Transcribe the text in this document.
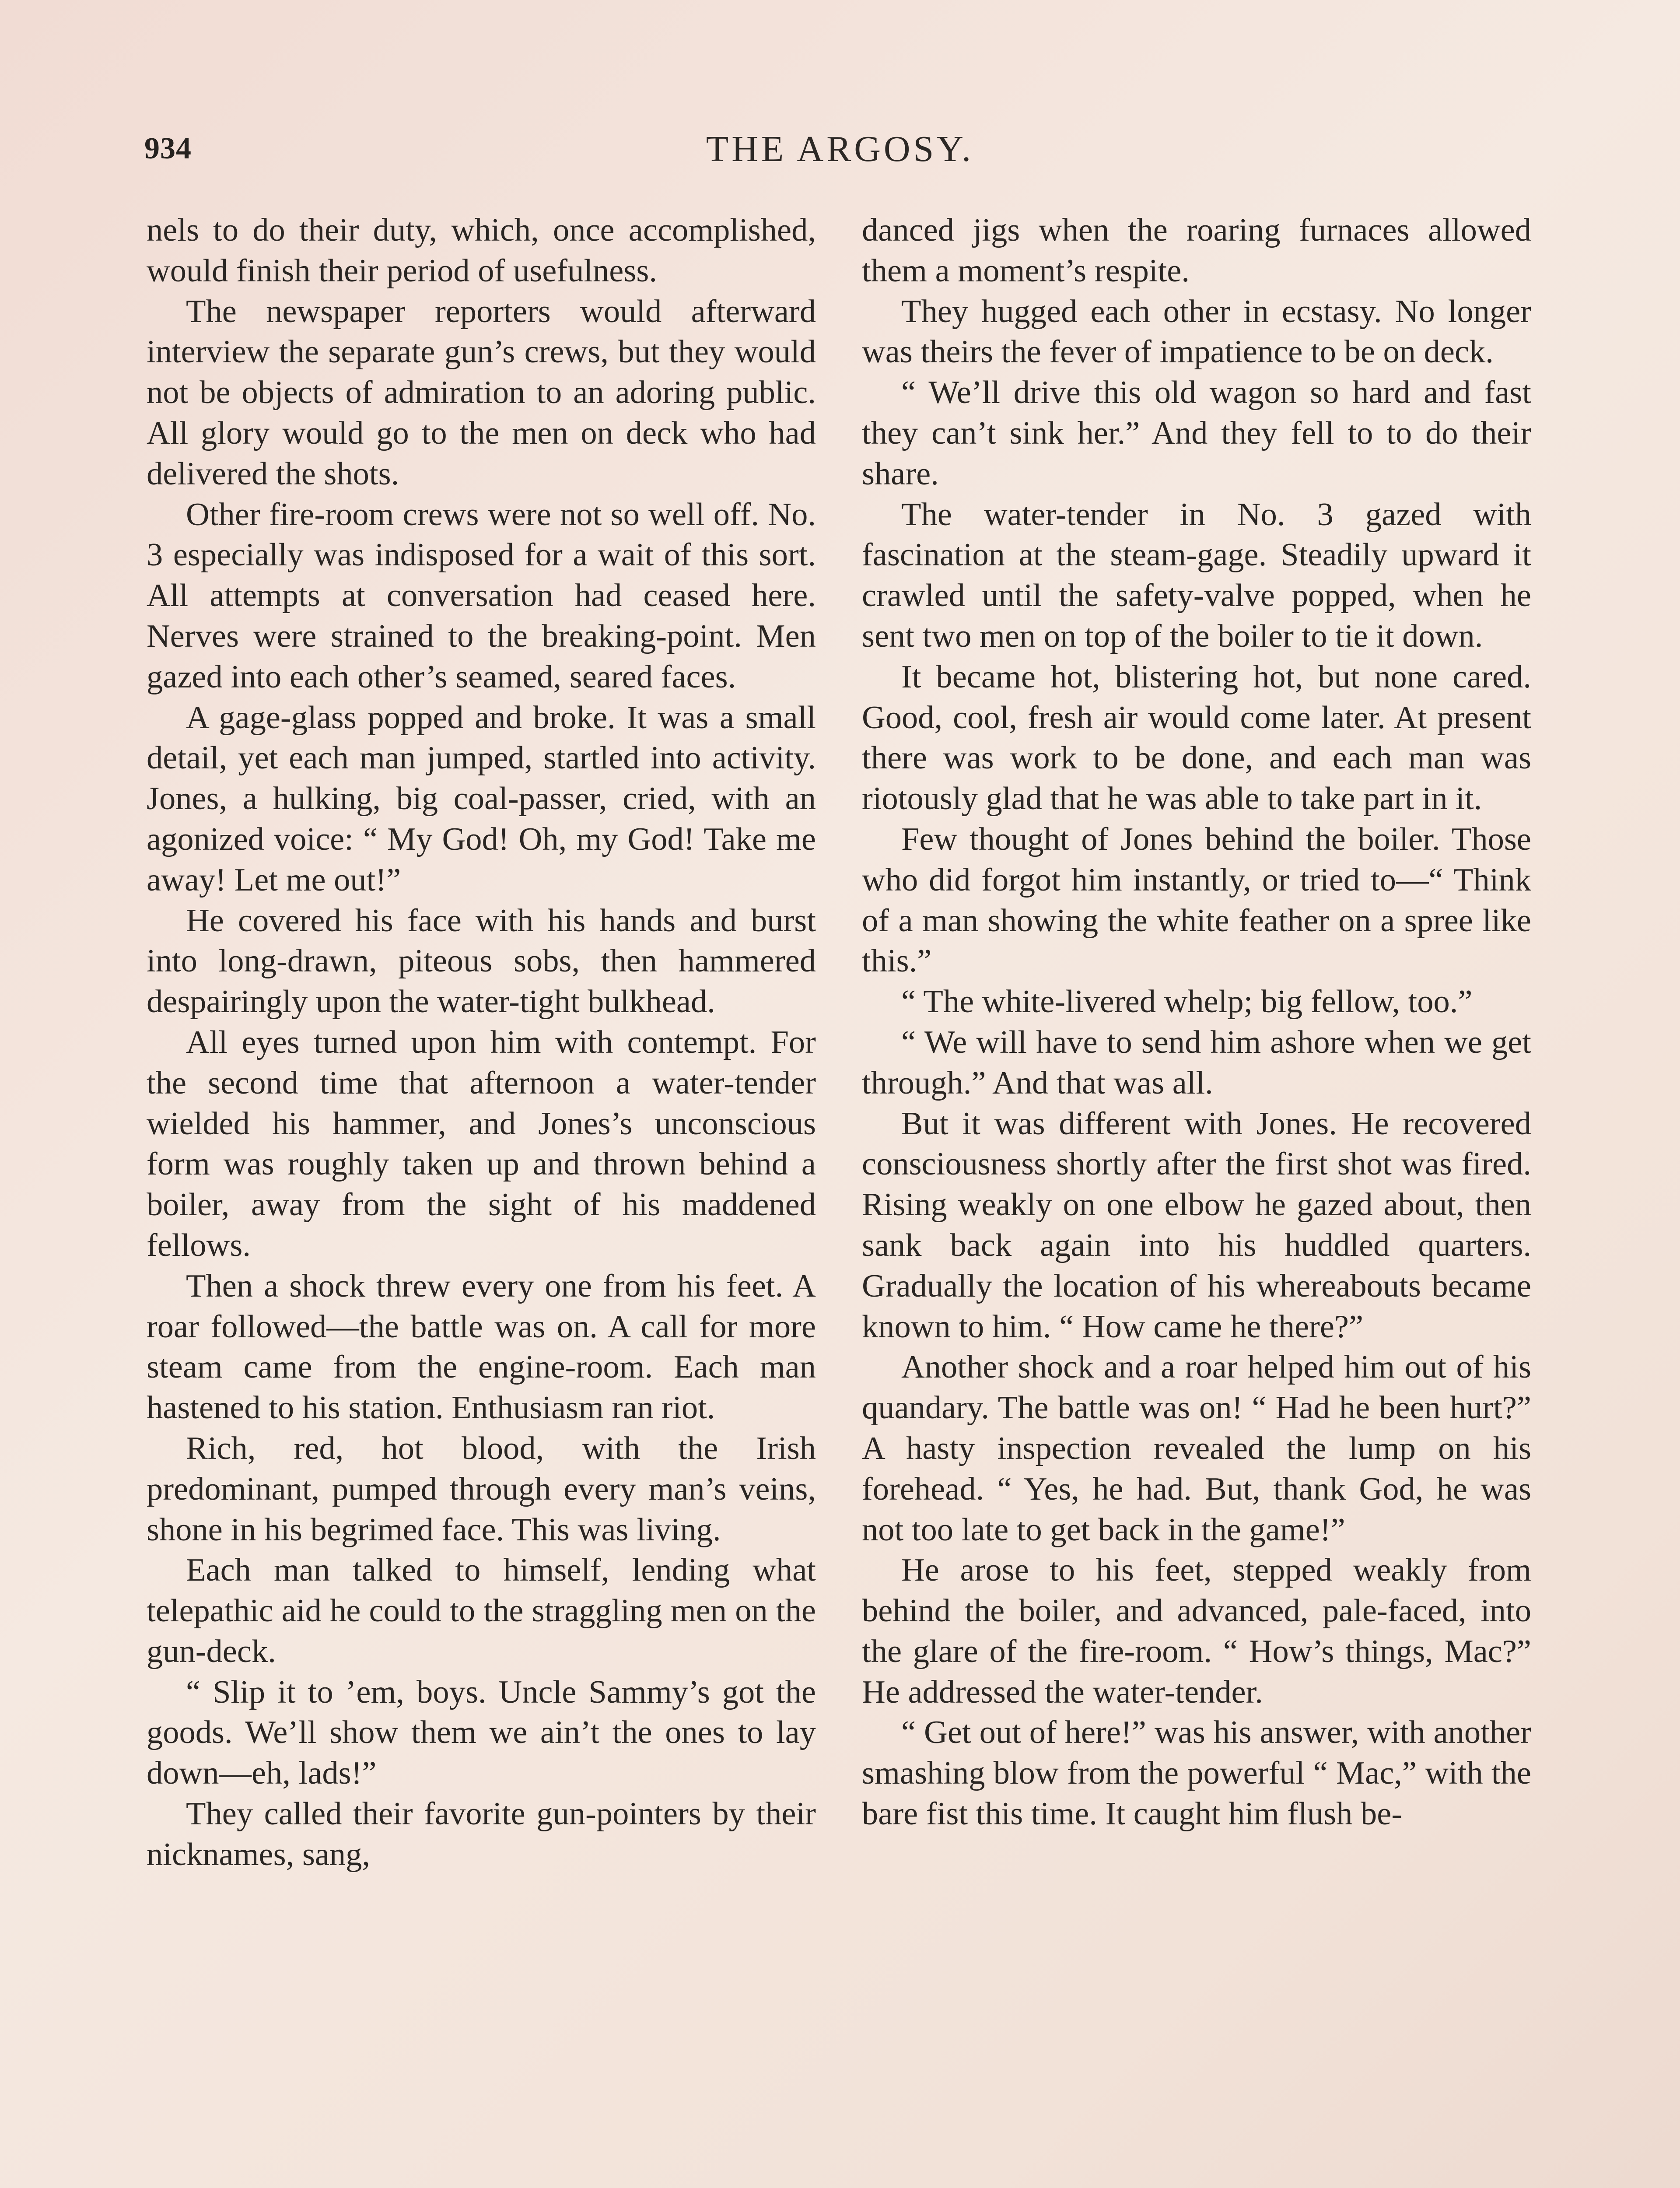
934	THE ARGOSY.

nels to do their duty, which, once accomplished, would finish their period of usefulness.

The newspaper reporters would afterward interview the separate gun’s crews, but they would not be objects of admiration to an adoring public. All glory would go to the men on deck who had delivered the shots.

Other fire-room crews were not so well off. No. 3 especially was indisposed for a wait of this sort. All attempts at conversation had ceased here. Nerves were strained to the breaking-point. Men gazed into each other’s seamed, seared faces.

A gage-glass popped and broke. It was a small detail, yet each man jumped, startled into activity. Jones, a hulking, big coal-passer, cried, with an agonized voice: “ My God! Oh, my God! Take me away! Let me out!”

He covered his face with his hands and burst into long-drawn, piteous sobs, then hammered despairingly upon the water-tight bulkhead.

All eyes turned upon him with contempt. For the second time that afternoon a water-tender wielded his hammer, and Jones’s unconscious form was roughly taken up and thrown behind a boiler, away from the sight of his maddened fellows.

Then a shock threw every one from his feet. A roar followed—the battle was on. A call for more steam came from the engine-room. Each man hastened to his station. Enthusiasm ran riot.

Rich, red, hot blood, with the Irish predominant, pumped through every man’s veins, shone in his begrimed face. This was living.

Each man talked to himself, lending what telepathic aid he could to the straggling men on the gun-deck.

“ Slip it to ’em, boys. Uncle Sammy’s got the goods. We’ll show them we ain’t the ones to lay down—eh, lads!”

They called their favorite gun-pointers by their nicknames, sang,

danced jigs when the roaring furnaces allowed them a moment’s respite.

They hugged each other in ecstasy. No longer was theirs the fever of impatience to be on deck.

“ We’ll drive this old wagon so hard and fast they can’t sink her.” And they fell to to do their share.

The water-tender in No. 3 gazed with fascination at the steam-gage. Steadily upward it crawled until the safety-valve popped, when he sent two men on top of the boiler to tie it down.

It became hot, blistering hot, but none cared. Good, cool, fresh air would come later. At present there was work to be done, and each man was riotously glad that he was able to take part in it.

Few thought of Jones behind the boiler. Those who did forgot him instantly, or tried to—“ Think of a man showing the white feather on a spree like this.”

“ The white-livered whelp; big fellow, too.”

“ We will have to send him ashore when we get through.” And that was all.

But it was different with Jones. He recovered consciousness shortly after the first shot was fired. Rising weakly on one elbow he gazed about, then sank back again into his huddled quarters. Gradually the location of his whereabouts became known to him. “ How came he there?”

Another shock and a roar helped him out of his quandary. The battle was on! “ Had he been hurt?” A hasty inspection revealed the lump on his forehead. “ Yes, he had. But, thank God, he was not too late to get back in the game!”

He arose to his feet, stepped weakly from behind the boiler, and advanced, pale-faced, into the glare of the fire-room. “ How’s things, Mac?” He addressed the water-tender.

“ Get out of here!” was his answer, with another smashing blow from the powerful “ Mac,” with the bare fist this time. It caught him flush be-
